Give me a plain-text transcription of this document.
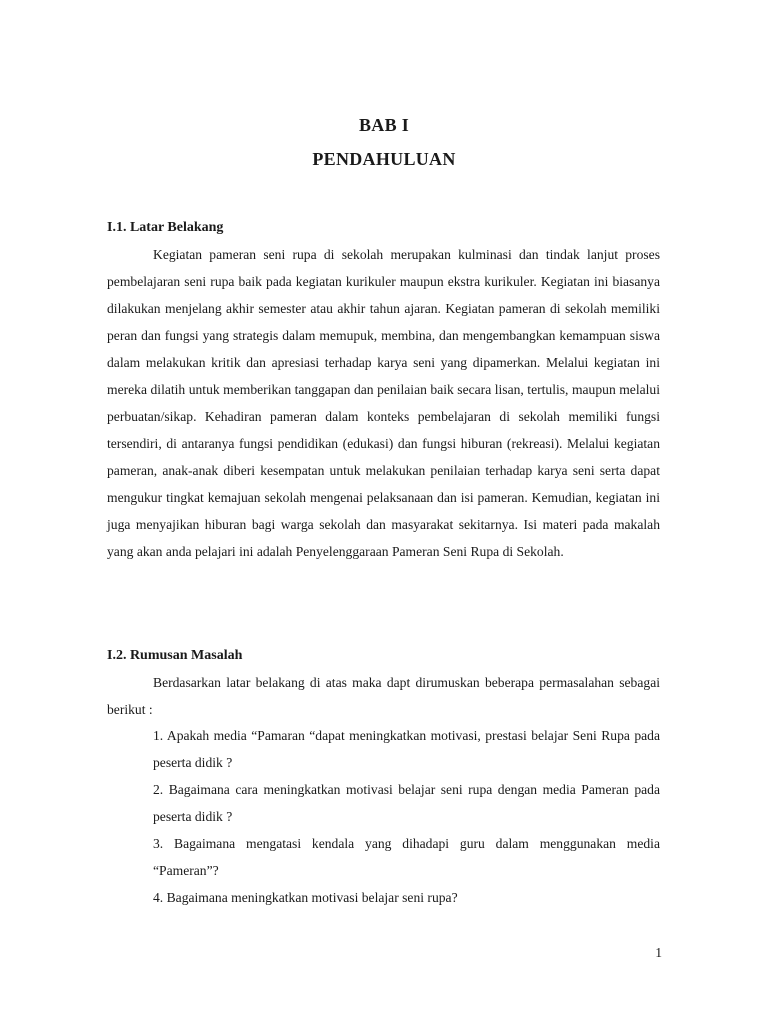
BAB I
PENDAHULUAN
I.1. Latar Belakang

Kegiatan pameran seni rupa di sekolah merupakan kulminasi dan tindak lanjut proses pembelajaran seni rupa baik pada kegiatan kurikuler maupun ekstra kurikuler. Kegiatan ini biasanya dilakukan menjelang akhir semester atau akhir tahun ajaran. Kegiatan pameran di sekolah memiliki peran dan fungsi yang strategis dalam memupuk, membina, dan mengembangkan kemampuan siswa dalam melakukan kritik dan apresiasi terhadap karya seni yang dipamerkan. Melalui kegiatan ini mereka dilatih untuk memberikan tanggapan dan penilaian baik secara lisan, tertulis, maupun melalui perbuatan/sikap. Kehadiran pameran dalam konteks pembelajaran di sekolah memiliki fungsi tersendiri, di antaranya fungsi pendidikan (edukasi) dan fungsi hiburan (rekreasi). Melalui kegiatan pameran, anak-anak diberi kesempatan untuk melakukan penilaian terhadap karya seni serta dapat mengukur tingkat kemajuan sekolah mengenai pelaksanaan dan isi pameran. Kemudian, kegiatan ini juga menyajikan hiburan bagi warga sekolah dan masyarakat sekitarnya. Isi materi pada makalah yang akan anda pelajari ini adalah Penyelenggaraan Pameran Seni Rupa di Sekolah.

I.2. Rumusan Masalah

Berdasarkan latar belakang di atas maka dapt dirumuskan beberapa permasalahan sebagai berikut :

1. Apakah media “Pamaran “dapat meningkatkan motivasi, prestasi belajar Seni Rupa pada peserta didik ?
2. Bagaimana cara meningkatkan motivasi belajar seni rupa dengan media Pameran pada peserta didik ?
3. Bagaimana mengatasi kendala yang dihadapi guru dalam menggunakan media “Pameran”?
4. Bagaimana meningkatkan motivasi belajar seni rupa?
1
